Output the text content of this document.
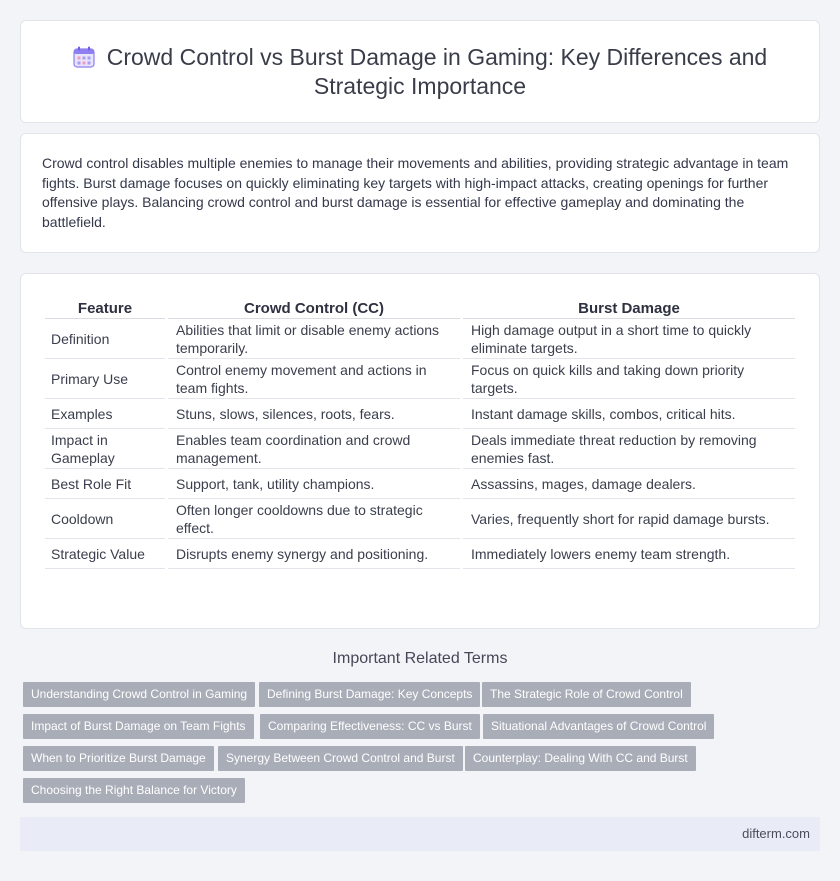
Crowd Control vs Burst Damage in Gaming: Key Differences and Strategic Importance

Crowd control disables multiple enemies to manage their movements and abilities, providing strategic advantage in team fights. Burst damage focuses on quickly eliminating key targets with high-impact attacks, creating openings for further offensive plays. Balancing crowd control and burst damage is essential for effective gameplay and dominating the battlefield.

Feature	Crowd Control (CC)	Burst Damage
Definition	Abilities that limit or disable enemy actions temporarily.	High damage output in a short time to quickly eliminate targets.
Primary Use	Control enemy movement and actions in team fights.	Focus on quick kills and taking down priority targets.
Examples	Stuns, slows, silences, roots, fears.	Instant damage skills, combos, critical hits.
Impact in Gameplay	Enables team coordination and crowd management.	Deals immediate threat reduction by removing enemies fast.
Best Role Fit	Support, tank, utility champions.	Assassins, mages, damage dealers.
Cooldown	Often longer cooldowns due to strategic effect.	Varies, frequently short for rapid damage bursts.
Strategic Value	Disrupts enemy synergy and positioning.	Immediately lowers enemy team strength.
Important Related Terms
Understanding Crowd Control in Gaming	Defining Burst Damage: Key Concepts	The Strategic Role of Crowd Control
Impact of Burst Damage on Team Fights	Comparing Effectiveness: CC vs Burst	Situational Advantages of Crowd Control
When to Prioritize Burst Damage	Synergy Between Crowd Control and Burst	Counterplay: Dealing With CC and Burst
Choosing the Right Balance for Victory
difterm.com
